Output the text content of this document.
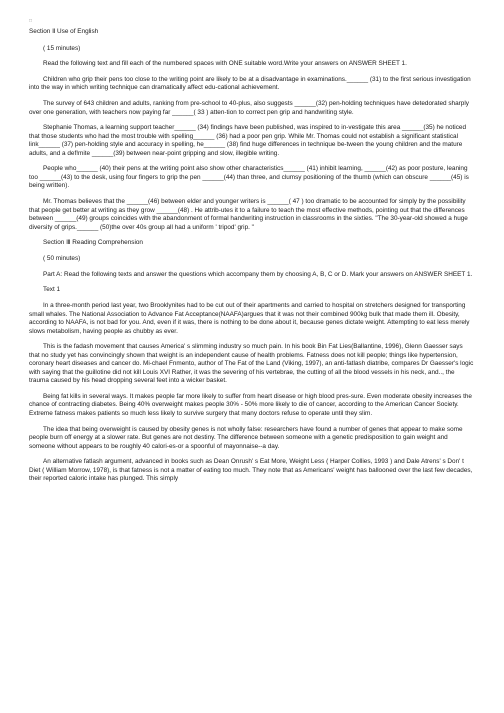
□

Section Ⅱ Use of English

( 15 minutes)

Read the following text and fill each of the numbered spaces with ONE suitable word.Write your answers on ANSWER SHEET 1.

Children who grip their pens too close to the writing point are likely to be at a disadvantage in examinations.______ (31) to the first serious investigation into the way in which writing technique can dramatically affect edu-cational achievement.

The survey of 643 children and adults, ranking from pre-school to 40-plus, also suggests ______(32) pen-holding techniques have detedorated sharply over one generation, with teachers now paying far ______( 33 ) atten-tion to correct pen grip and handwriting style.

Stephanie Thomas, a learning support teacher______ (34) findings have been published, was inspired to in-vestigate this area ______(35) he noticed that those students who had the most trouble with spelling______ (36) had a poor pen grip. While Mr. Thomas could not establish a significant statistical link______ (37) pen-holding style and accuracy in spelling, he______ (38) find huge differences in technique be-tween the young children and the mature adults, and a def!mite ______(39) between near-point gripping and slow, illegible writing.

People who______ (40) their pens at the writing point also show other characteristics______ (41) inhibit learning, ______(42) as poor posture, leaning too ______(43) to the desk, using four fingers to grip the pen ______(44) than three, and clumsy positioning of the thumb (which can obscure ______(45) is being written).

Mr. Thomas believes that the ______(46) between elder and younger writers is ______( 47 ) too dramatic to be accounted for simply by the possibility that people get better at writing as they grow ______(48) . He attrib-utes it to a failure to teach the most effective methods, pointing out that the differences between ______(49) groups coincides with the abandonment of formal handwriting instruction in classrooms in the sixties. "The 30-year-old showed a huge diversity of grips.______ (50)the over 40s group all had a uniform ' tripod' grip. "

Section Ⅲ Reading Comprehension

( 50 minutes)

Part A: Read the following texts and answer the questions which accompany them by choosing A, B, C or D. Mark your answers on ANSWER SHEET 1.

Text 1

In a three-month period last year, two Brooklynites had to be cut out of their apartments and carried to hospital on stretchers designed for transporting small whales. The National Association to Advance Fat Acceptance(NAAFA)argues that it was not their combined 900kg bulk that made them ill. Obesity, according to NAAFA, is not bad for you. And, even if it was, there is nothing to be done about it, because genes dictate weight. Attempting to eat less merely slows metabolism, having people as chubby as ever.

This is the fadash movement that causes America' s slimming industry so much pain. In his book Bin Fat Lies(Ballantine, 1996), Glenn Gaesser says that no study yet has convincingly shown that weight is an independent cause of health problems. Fatness does not kill people; things like hypertension, coronary heart diseases and cancer do. Mi-chael Fnmento, author of The Fat of the Land (Viking, 1997), an anti-fatlash diatribe, compares Dr Gaesser's logic with saying that the guillotine did not kill Louis XVI Rather, it was the severing of his vertebrae, the cutting of all the blood vessels in his neck, and.., the trauma caused by his head dropping several feet into a wicker basket.

Being fat kills in several ways. It makes people far more likely to suffer from heart disease or high blood pres-sure. Even moderate obesity increases the chance of contracting diabetes. Being 40% overweight makes people 30% - 50% more likely to die of cancer, according to the American Cancer Society. Extreme fatness makes patients so much less likely to survive surgery that many doctors refuse to operate until they slim.

The idea that being overweight is caused by obesity genes is not wholly false: researchers have found a number of genes that appear to make some people burn off energy at a slower rate. But genes are not destiny. The difference between someone with a genetic predisposition to gain weight and someone without appears to be roughly 40 calori-es-or a spoonful of mayonnaise--a day.

An alternative fatlash argument, advanced in books such as Dean Onrush' s Eat More, Weight Less ( Harper Collies, 1993 ) and Dale Atrens' s Don' t Diet ( William Morrow, 1978), is that fatness is not a matter of eating too much. They note that as Americans' weight has ballooned over the last few decades, their reported caloric intake has plunged. This simply
